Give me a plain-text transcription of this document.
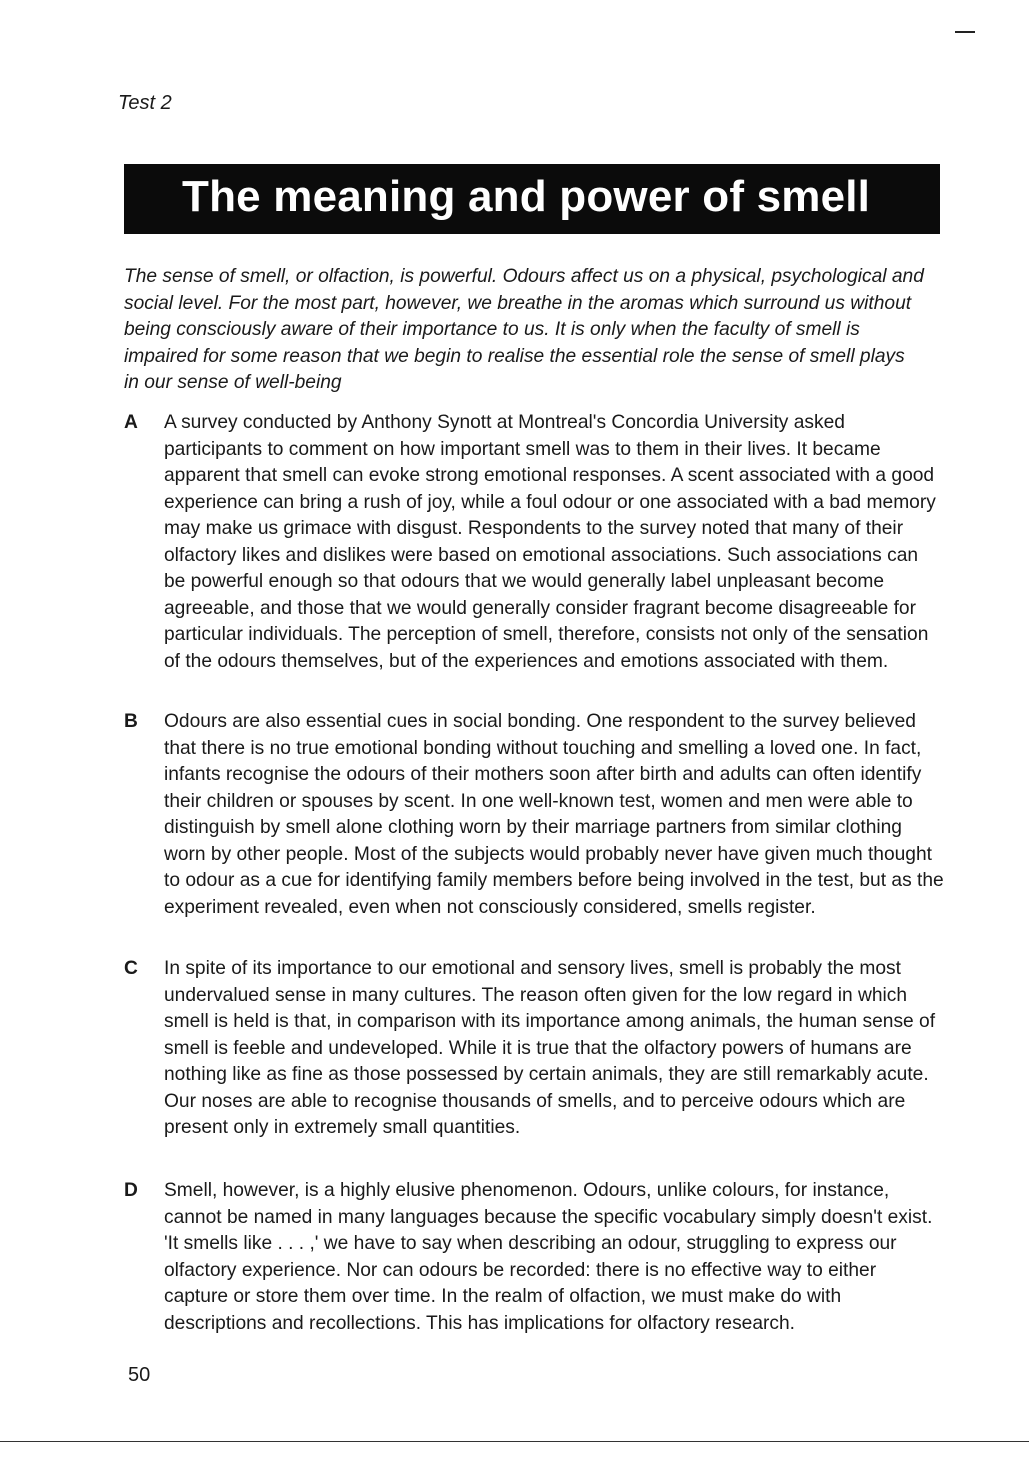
Test 2
The meaning and power of smell

The sense of smell, or olfaction, is powerful. Odours affect us on a physical, psychological and social level. For the most part, however, we breathe in the aromas which surround us without being consciously aware of their importance to us. It is only when the faculty of smell is impaired for some reason that we begin to realise the essential role the sense of smell plays in our sense of well-being

A A survey conducted by Anthony Synott at Montreal's Concordia University asked participants to comment on how important smell was to them in their lives. It became apparent that smell can evoke strong emotional responses. A scent associated with a good experience can bring a rush of joy, while a foul odour or one associated with a bad memory may make us grimace with disgust. Respondents to the survey noted that many of their olfactory likes and dislikes were based on emotional associations. Such associations can be powerful enough so that odours that we would generally label unpleasant become agreeable, and those that we would generally consider fragrant become disagreeable for particular individuals. The perception of smell, therefore, consists not only of the sensation of the odours themselves, but of the experiences and emotions associated with them.

B Odours are also essential cues in social bonding. One respondent to the survey believed that there is no true emotional bonding without touching and smelling a loved one. In fact, infants recognise the odours of their mothers soon after birth and adults can often identify their children or spouses by scent. In one well-known test, women and men were able to distinguish by smell alone clothing worn by their marriage partners from similar clothing worn by other people. Most of the subjects would probably never have given much thought to odour as a cue for identifying family members before being involved in the test, but as the experiment revealed, even when not consciously considered, smells register.

C In spite of its importance to our emotional and sensory lives, smell is probably the most undervalued sense in many cultures. The reason often given for the low regard in which smell is held is that, in comparison with its importance among animals, the human sense of smell is feeble and undeveloped. While it is true that the olfactory powers of humans are nothing like as fine as those possessed by certain animals, they are still remarkably acute. Our noses are able to recognise thousands of smells, and to perceive odours which are present only in extremely small quantities.

D Smell, however, is a highly elusive phenomenon. Odours, unlike colours, for instance, cannot be named in many languages because the specific vocabulary simply doesn't exist. 'It smells like . . . ,' we have to say when describing an odour, struggling to express our olfactory experience. Nor can odours be recorded: there is no effective way to either capture or store them over time. In the realm of olfaction, we must make do with descriptions and recollections. This has implications for olfactory research.

50
